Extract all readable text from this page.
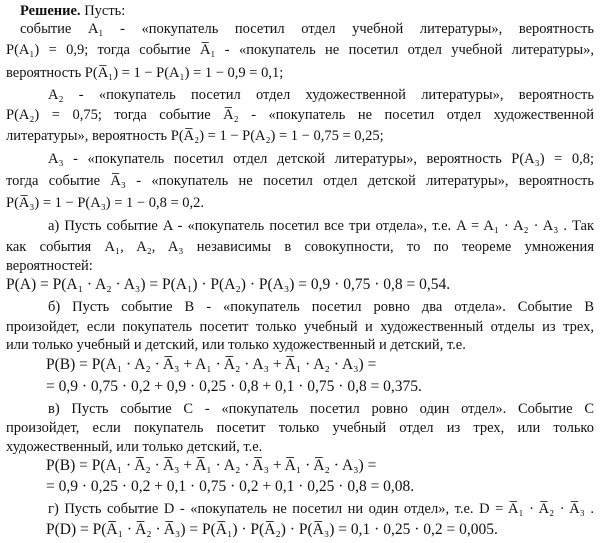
Решение. Пусть:
событие A₁ - «покупатель посетил отдел учебной литературы», вероятность
P(A₁) = 0,9; тогда событие A̅₁ - «покупатель не посетил отдел учебной литературы»,
вероятность P(A̅₁) = 1 − P(A₁) = 1 − 0,9 = 0,1;
A₂ - «покупатель посетил отдел художественной литературы», вероятность
P(A₂) = 0,75; тогда событие A̅₂ - «покупатель не посетил отдел художественной
литературы», вероятность P(A̅₂) = 1 − P(A₂) = 1 − 0,75 = 0,25;
A₃ - «покупатель посетил отдел детской литературы», вероятность P(A₃) = 0,8;
тогда событие A̅₃ - «покупатель не посетил отдел детской литературы», вероятность
P(A̅₃) = 1 − P(A₃) = 1 − 0,8 = 0,2.
а) Пусть событие A - «покупатель посетил все три отдела», т.е. A = A₁ · A₂ · A₃ . Так
как события A₁, A₂, A₃ независимы в совокупности, то по теореме умножения
вероятностей:
P(A) = P(A₁ · A₂ · A₃) = P(A₁) · P(A₂) · P(A₃) = 0,9 · 0,75 · 0,8 = 0,54.
б) Пусть событие B - «покупатель посетил ровно два отдела». Событие B
произойдет, если покупатель посетит только учебный и художественный отделы из трех,
или только учебный и детский, или только художественный и детский, т.е.
P(B) = P(A₁ · A₂ · A̅₃ + A₁ · A̅₂ · A₃ + A̅₁ · A₂ · A₃) =
= 0,9 · 0,75 · 0,2 + 0,9 · 0,25 · 0,8 + 0,1 · 0,75 · 0,8 = 0,375.
в) Пусть событие C - «покупатель посетил ровно один отдел». Событие C
произойдет, если покупатель посетит только учебный отдел из трех, или только
художественный, или только детский, т.е.
P(B) = P(A₁ · A̅₂ · A̅₃ + A̅₁ · A₂ · A̅₃ + A̅₁ · A̅₂ · A₃) =
= 0,9 · 0,25 · 0,2 + 0,1 · 0,75 · 0,2 + 0,1 · 0,25 · 0,8 = 0,08.
г) Пусть событие D - «покупатель не посетил ни один отдел», т.е. D = A̅₁ · A̅₂ · A̅₃ .
P(D) = P(A̅₁ · A̅₂ · A̅₃) = P(A̅₁) · P(A̅₂) · P(A̅₃) = 0,1 · 0,25 · 0,2 = 0,005.
